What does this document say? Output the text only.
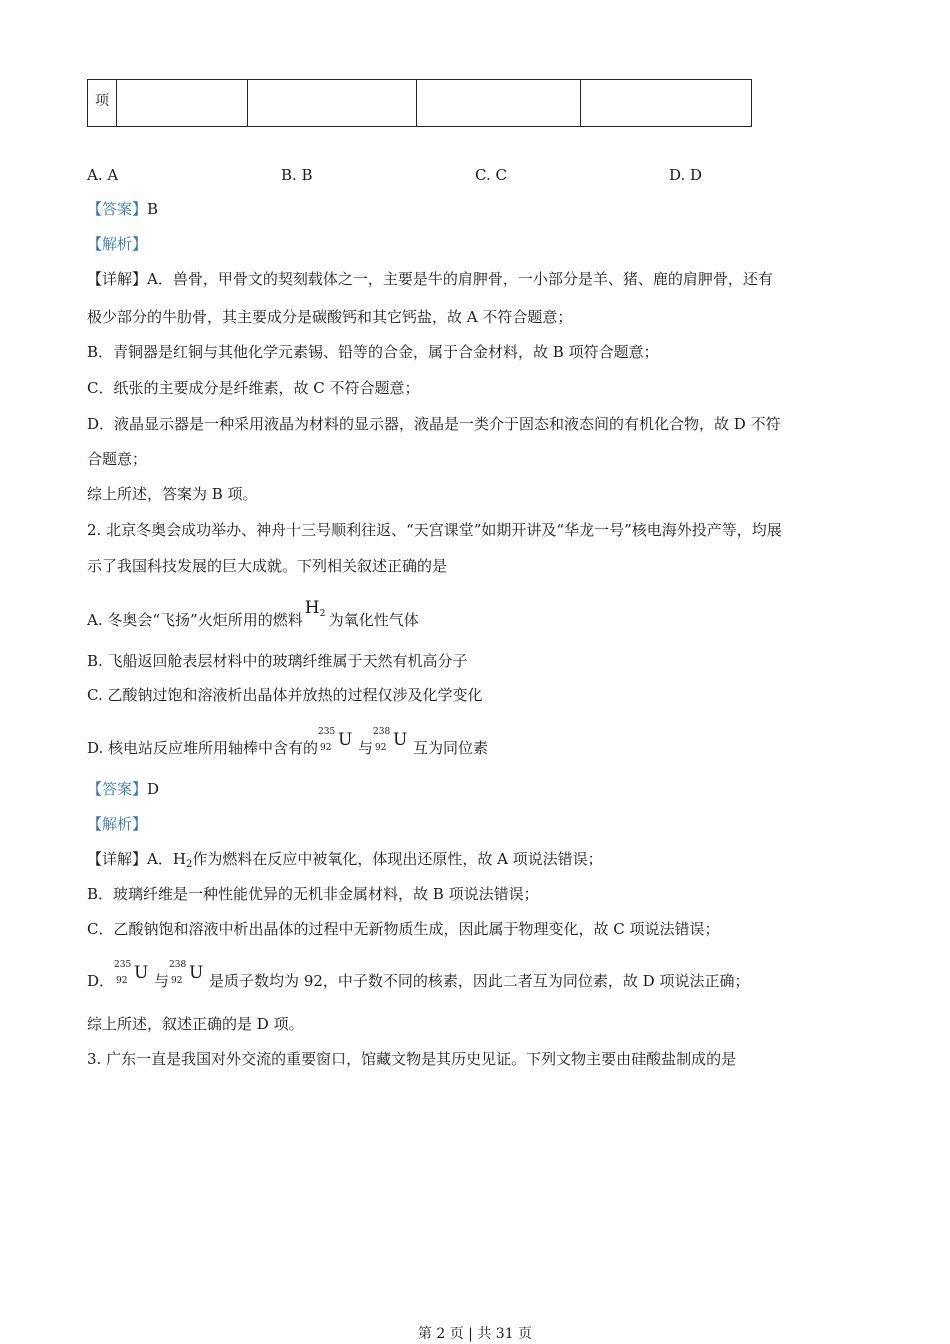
项				
A. A	B. B	C. C	D. D
【答案】B
【解析】
【详解】A．兽骨，甲骨文的契刻载体之一，主要是牛的肩胛骨，一小部分是羊、猪、鹿的肩胛骨，还有
极少部分的牛肋骨，其主要成分是碳酸钙和其它钙盐，故 A 不符合题意；
B．青铜器是红铜与其他化学元素锡、铅等的合金，属于合金材料，故 B 项符合题意；
C．纸张的主要成分是纤维素，故 C 不符合题意；
D．液晶显示器是一种采用液晶为材料的显示器，液晶是一类介于固态和液态间的有机化合物，故 D 不符
合题意；
综上所述，答案为 B 项。
2. 北京冬奥会成功举办、神舟十三号顺利往返、“天宫课堂”如期开讲及“华龙一号”核电海外投产等，均展
示了我国科技发展的巨大成就。下列相关叙述正确的是
A. 冬奥会“飞扬”火炬所用的燃料
H 2 为氧化性气体
B. 飞船返回舱表层材料中的玻璃纤维属于天然有机高分子
C. 乙酸钠过饱和溶液析出晶体并放热的过程仅涉及化学变化
D. 核电站反应堆所用轴棒中含有的
235
92 U 与
238
92 U 互为同位素
【答案】D
【解析】
【详解】A．$H_2$作为燃料在反应中被氧化，体现出还原性，故 A 项说法错误；
B．玻璃纤维是一种性能优异的无机非金属材料，故 B 项说法错误；
C．乙酸钠饱和溶液中析出晶体的过程中无新物质生成，因此属于物理变化，故 C 项说法错误；
D．
235
92 U 与
238
92 U 是质子数均为 92，中子数不同的核素，因此二者互为同位素，故 D 项说法正确；
综上所述，叙述正确的是 D 项。
3. 广东一直是我国对外交流的重要窗口，馆藏文物是其历史见证。下列文物主要由硅酸盐制成的是
第 2 页 | 共 31 页
